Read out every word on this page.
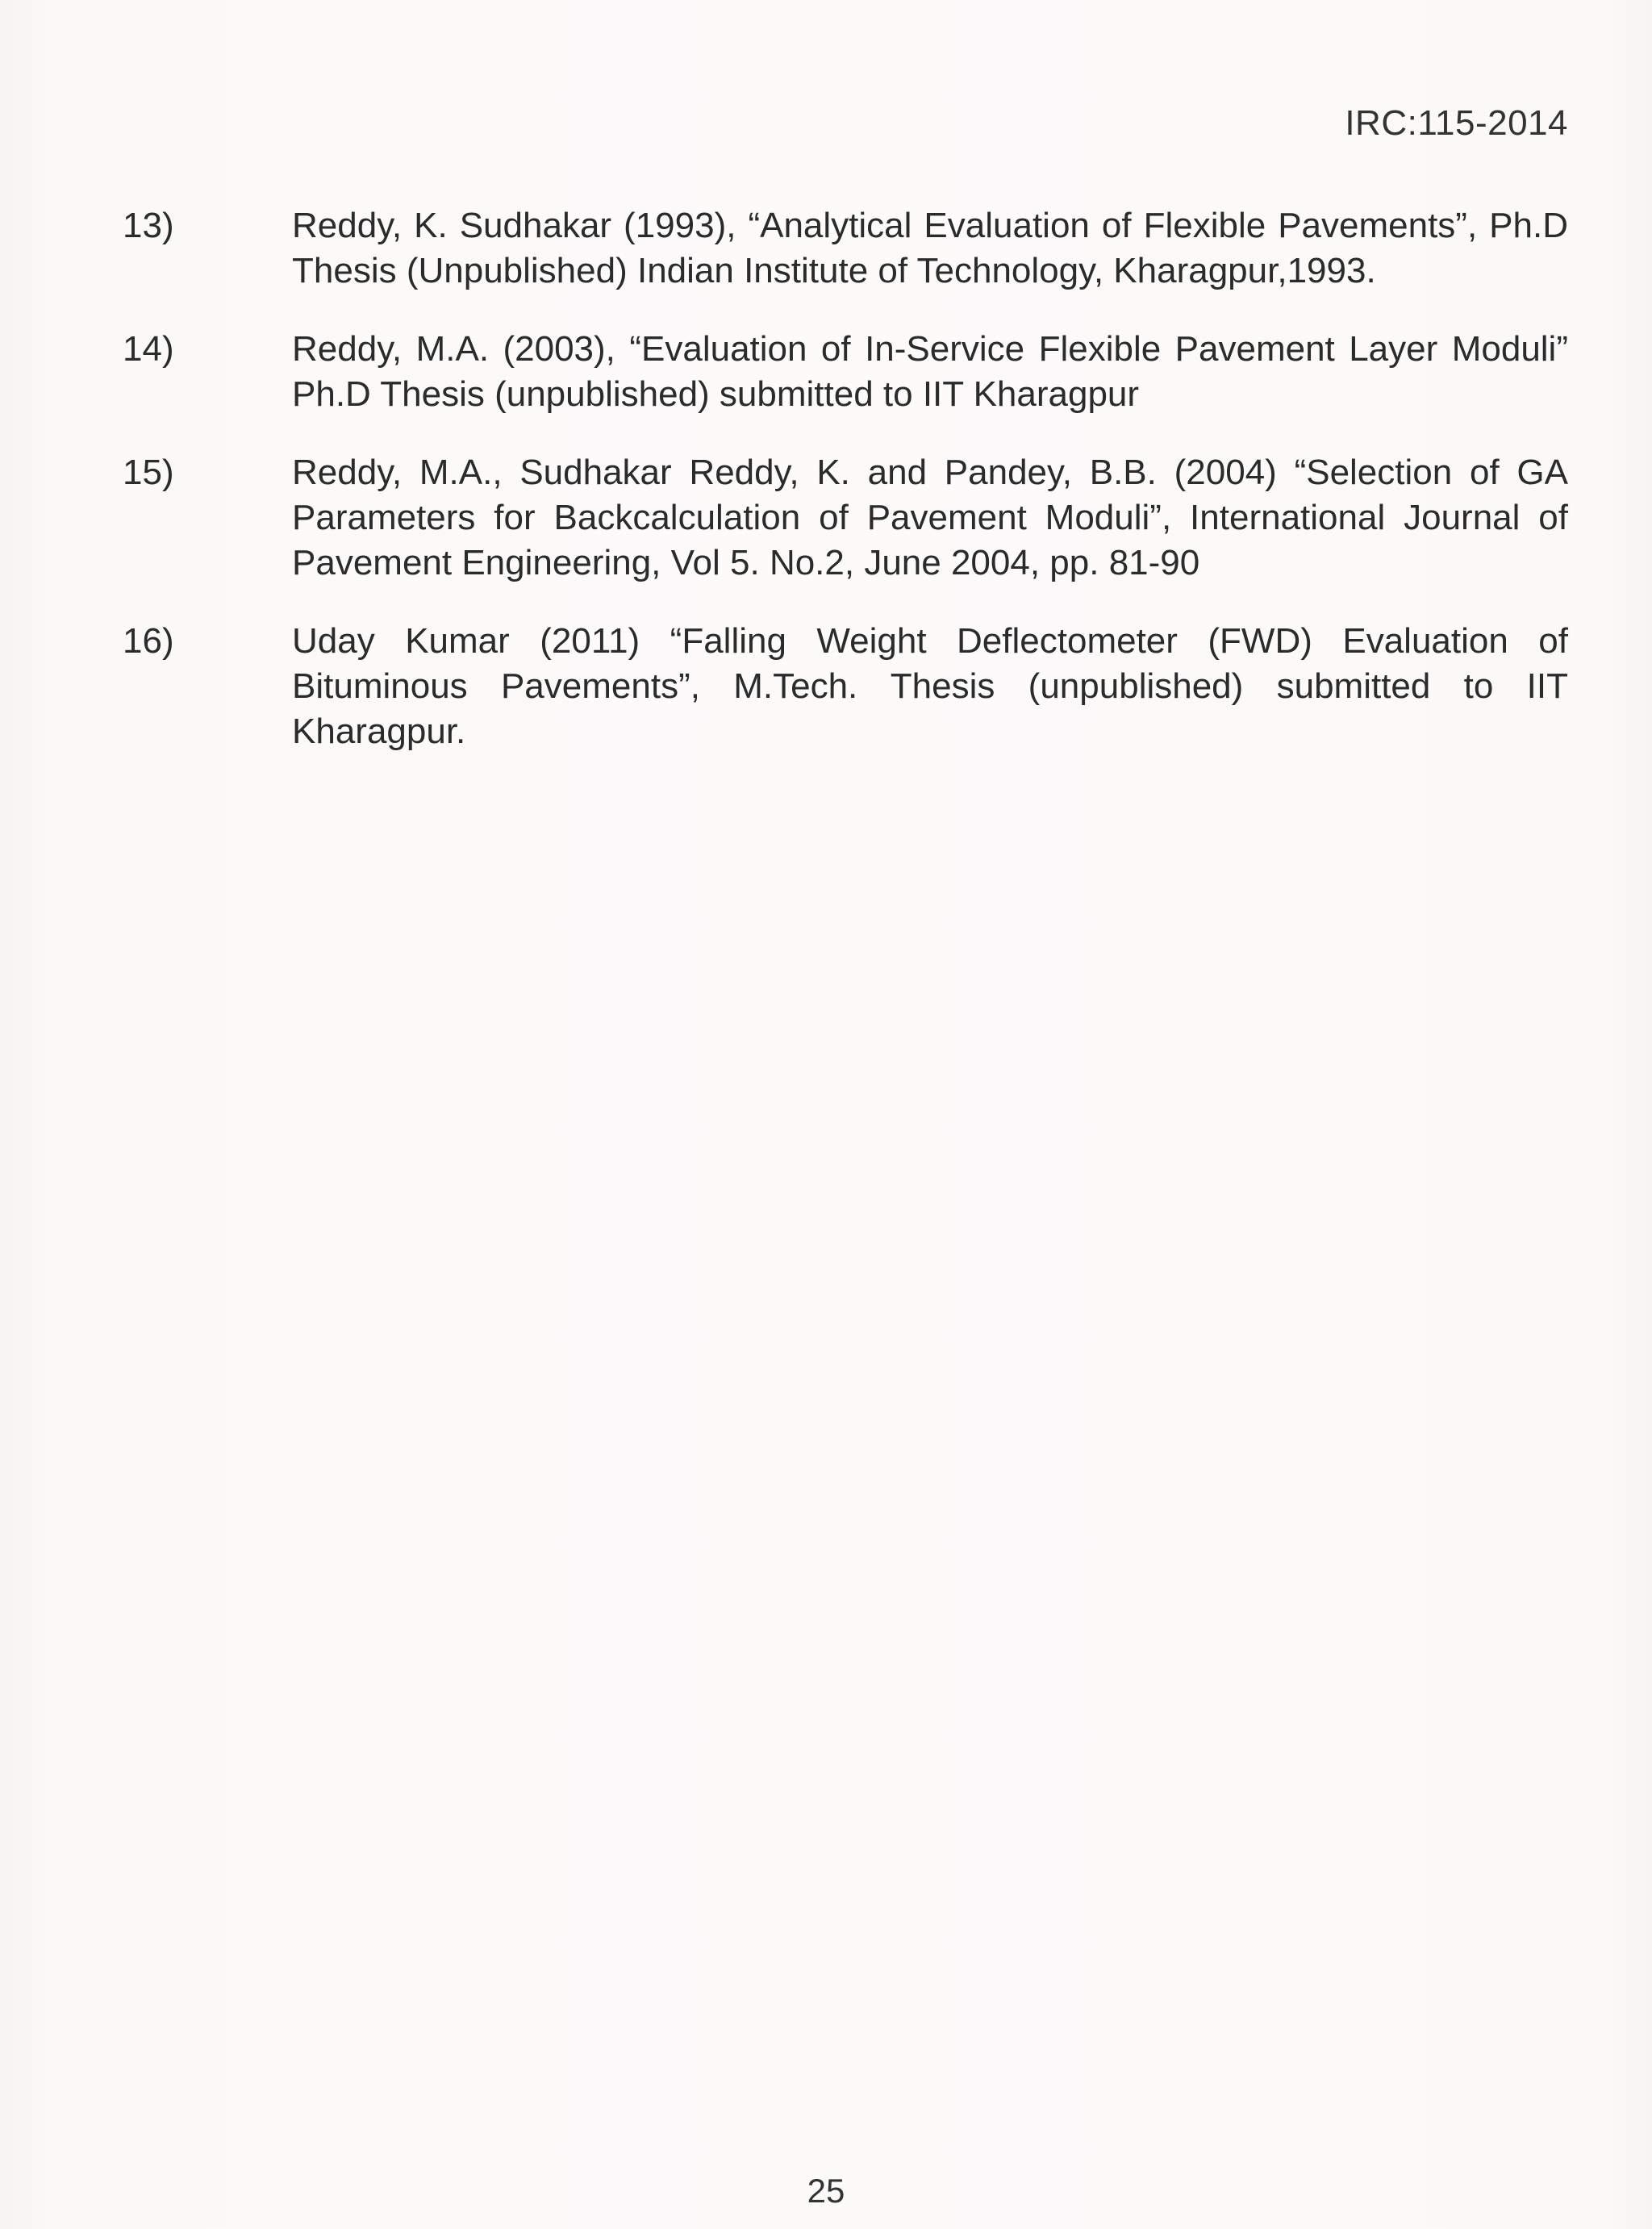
IRC:115-2014
13)	Reddy, K. Sudhakar (1993), “Analytical Evaluation of Flexible Pavements”, Ph.D Thesis (Unpublished) Indian Institute of Technology, Kharagpur,1993.
14)	Reddy, M.A. (2003), “Evaluation of In-Service Flexible Pavement Layer Moduli” Ph.D Thesis (unpublished) submitted to IIT Kharagpur
15)	Reddy, M.A., Sudhakar Reddy, K. and Pandey, B.B. (2004) “Selection of GA Parameters for Backcalculation of Pavement Moduli”, International Journal of Pavement Engineering, Vol 5. No.2, June 2004, pp. 81-90
16)	Uday Kumar (2011) “Falling Weight Deflectometer (FWD) Evaluation of Bituminous Pavements”, M.Tech. Thesis (unpublished) submitted to IIT Kharagpur.
25
